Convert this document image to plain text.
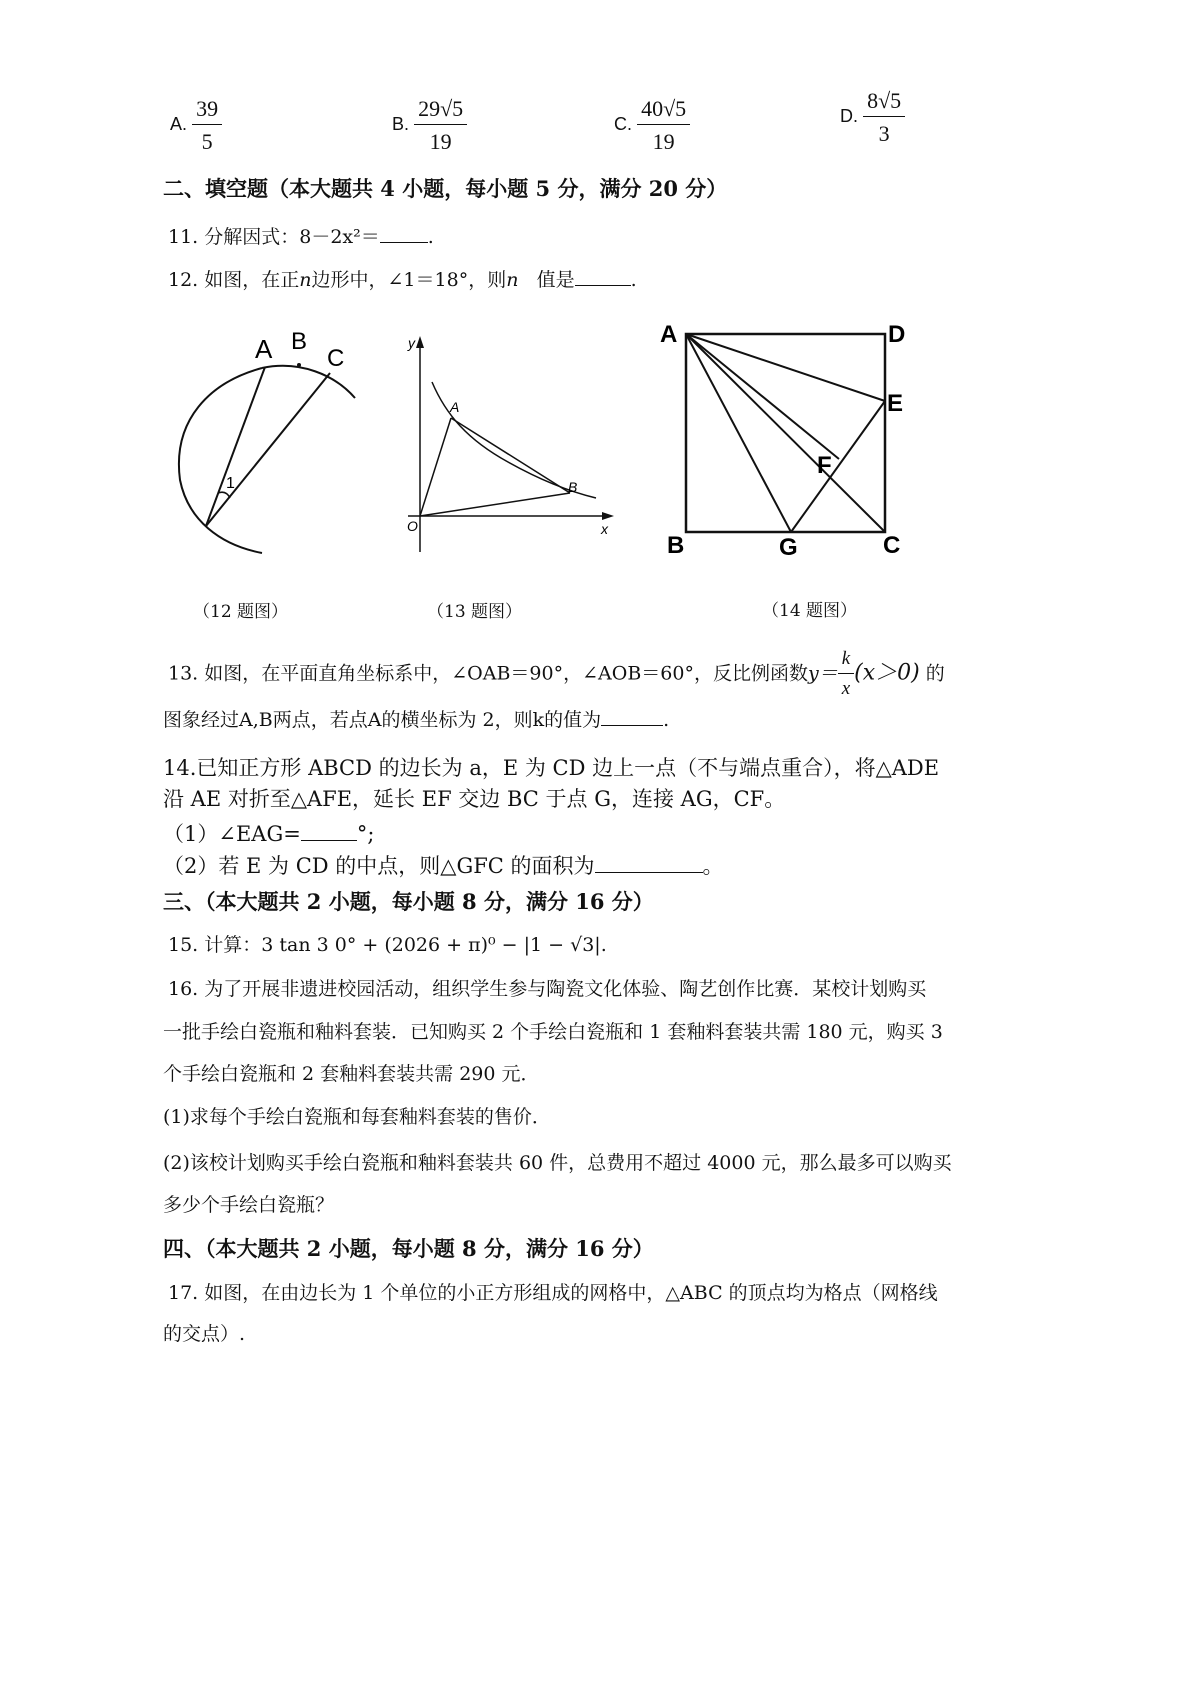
A. $\frac{39}{5}$	B. $\frac{29√5}{19}$	C. $\frac{40√5}{19}$	D. $\frac{8√5}{3}$
二、填空题（本大题共 4 小题，每小题 5 分，满分 20 分）
11. 分解因式：8－2x²＝	.
12. 如图，在正n边形中，∠1＝18°，则n 值是	.
A B
C
1
（12 题图）
y
A
B
O	x
（13 题图）
A	D
E
F
B	G	C
（14 题图）
13. 如图，在平面直角坐标系中，∠OAB＝90°，∠AOB＝60°，反比例函数$y= \frac{k}{x} (x>0)$ 的
图象经过A,B两点，若点A的横坐标为 2，则k的值为	.
14.已知正方形 ABCD 的边长为 a，E 为 CD 边上一点（不与端点重合），将△ADE
沿 AE 对折至△AFE，延长 EF 交边 BC 于点 G，连接 AG，CF。
（1）∠EAG=	°;
（2）若 E 为 CD 的中点，则△GFC 的面积为	。
三、（本大题共 2 小题，每小题 8 分，满分 16 分）
15. 计算：3 tan 3 0° + (2026 + π)⁰ − |1 − √3|.
16. 为了开展非遗进校园活动，组织学生参与陶瓷文化体验、陶艺创作比赛．某校计划购买
一批手绘白瓷瓶和釉料套装．已知购买 2 个手绘白瓷瓶和 1 套釉料套装共需 180 元，购买 3
个手绘白瓷瓶和 2 套釉料套装共需 290 元．
(1)求每个手绘白瓷瓶和每套釉料套装的售价．
(2)该校计划购买手绘白瓷瓶和釉料套装共 60 件，总费用不超过 4000 元，那么最多可以购买
多少个手绘白瓷瓶？
四、（本大题共 2 小题，每小题 8 分，满分 16 分）
17. 如图，在由边长为 1 个单位的小正方形组成的网格中，△ABC 的顶点均为格点（网格线
的交点）.
